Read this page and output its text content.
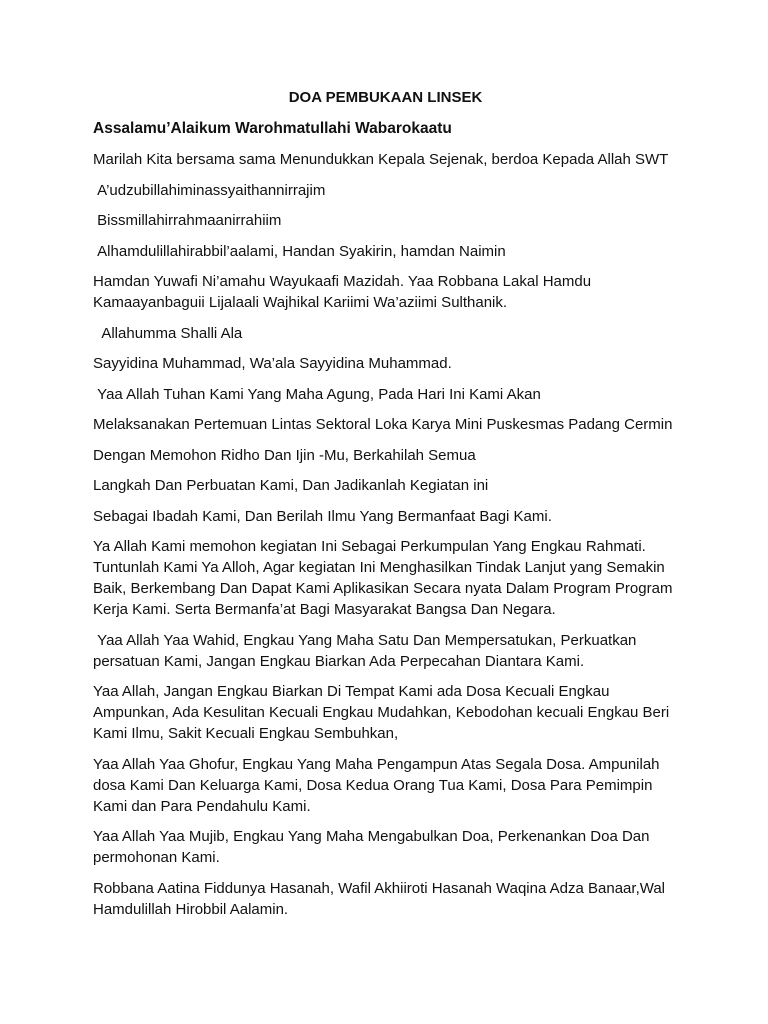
DOA PEMBUKAAN LINSEK
Assalamu’Alaikum Warohmatullahi Wabarokaatu
Marilah Kita bersama sama Menundukkan Kepala Sejenak, berdoa Kepada Allah SWT
A’udzubillahiminassyaithannirrajim
Bissmillahirrahmaanirrahiim
Alhamdulillahirabbil’aalami, Handan Syakirin, hamdan Naimin
Hamdan Yuwafi Ni’amahu Wayukaafi Mazidah. Yaa Robbana Lakal Hamdu
Kamaayanbaguii Lijalaali Wajhikal Kariimi Wa’aziimi Sulthanik.
Allahumma Shalli Ala
Sayyidina Muhammad, Wa’ala Sayyidina Muhammad.
Yaa Allah Tuhan Kami Yang Maha Agung, Pada Hari Ini Kami Akan
Melaksanakan Pertemuan Lintas Sektoral Loka Karya Mini Puskesmas Padang Cermin
Dengan Memohon Ridho Dan Ijin -Mu, Berkahilah Semua
Langkah Dan Perbuatan Kami, Dan Jadikanlah Kegiatan ini
Sebagai Ibadah Kami, Dan Berilah Ilmu Yang Bermanfaat Bagi Kami.
Ya Allah Kami memohon kegiatan Ini Sebagai Perkumpulan Yang Engkau Rahmati.
Tuntunlah Kami Ya Alloh, Agar kegiatan Ini Menghasilkan Tindak Lanjut yang Semakin
Baik, Berkembang Dan Dapat Kami Aplikasikan Secara nyata Dalam Program Program
Kerja Kami. Serta Bermanfa’at Bagi Masyarakat Bangsa Dan Negara.
Yaa Allah Yaa Wahid, Engkau Yang Maha Satu Dan Mempersatukan, Perkuatkan
persatuan Kami, Jangan Engkau Biarkan Ada Perpecahan Diantara Kami.
Yaa Allah, Jangan Engkau Biarkan Di Tempat Kami ada Dosa Kecuali Engkau
Ampunkan, Ada Kesulitan Kecuali Engkau Mudahkan, Kebodohan kecuali Engkau Beri
Kami Ilmu, Sakit Kecuali Engkau Sembuhkan,
Yaa Allah Yaa Ghofur, Engkau Yang Maha Pengampun Atas Segala Dosa. Ampunilah
dosa Kami Dan Keluarga Kami, Dosa Kedua Orang Tua Kami, Dosa Para Pemimpin
Kami dan Para Pendahulu Kami.
Yaa Allah Yaa Mujib, Engkau Yang Maha Mengabulkan Doa, Perkenankan Doa Dan
permohonan Kami.
Robbana Aatina Fiddunya Hasanah, Wafil Akhiiroti Hasanah Waqina Adza Banaar,Wal
Hamdulillah Hirobbil Aalamin.
